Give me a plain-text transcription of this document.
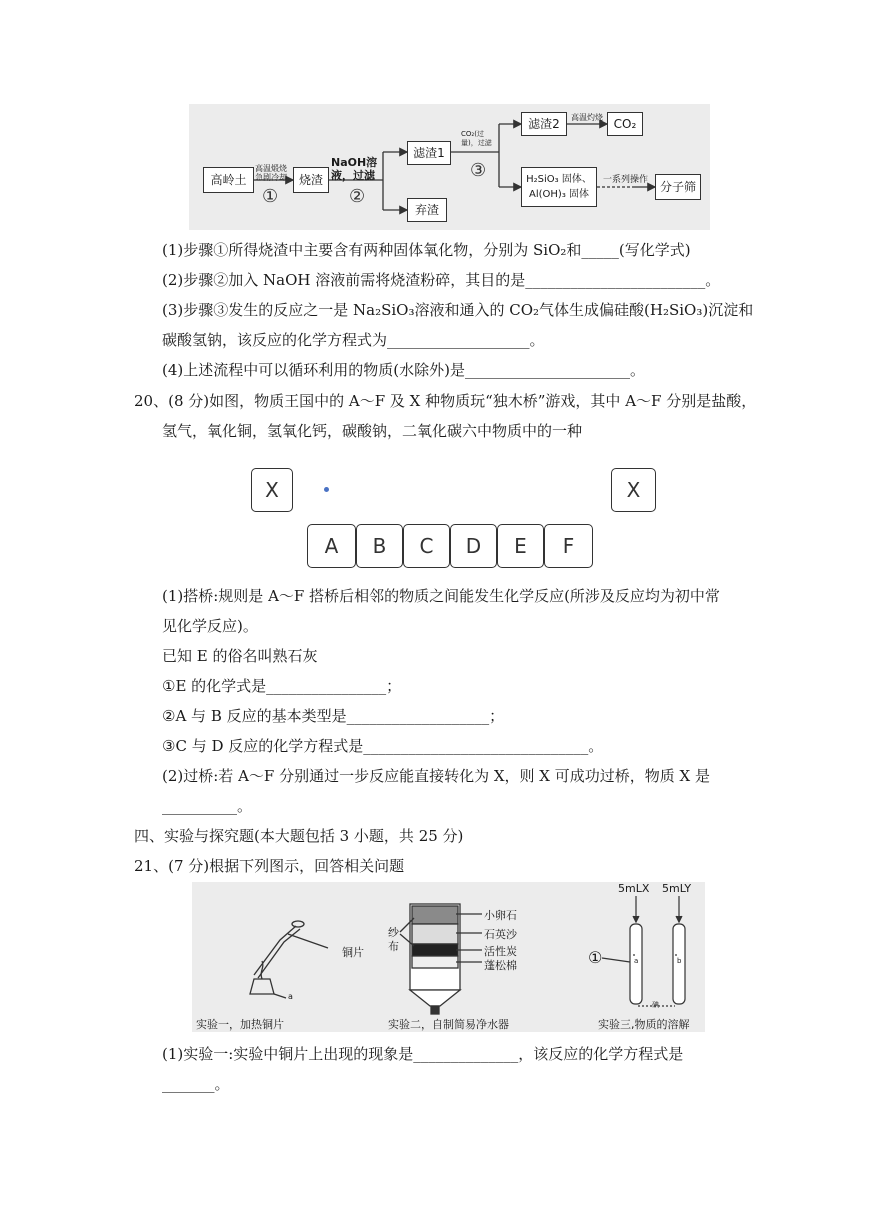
高岭土
高温煅烧 急剧冷却
①
烧渣
NaOH溶液，过滤
②
滤渣1
弃渣
CO₂(过量)，过滤
③
滤渣2	高温灼烧 CO₂
H₂SiO₃ 固体、
Al(OH)₃ 固体
一系列操作 分子筛
(1)步骤①所得烧渣中主要含有两种固体氧化物，分别为 SiO₂和_____(写化学式)
(2)步骤②加入 NaOH 溶液前需将烧渣粉碎，其目的是________________________。
(3)步骤③发生的反应之一是 Na₂SiO₃溶液和通入的 CO₂气体生成偏硅酸(H₂SiO₃)沉淀和
碳酸氢钠，该反应的化学方程式为___________________。
(4)上述流程中可以循环利用的物质(水除外)是______________________。
20、(8 分)如图，物质王国中的 A～F 及 X 种物质玩“独木桥”游戏，其中 A～F 分别是盐酸，
氢气，氧化铜，氢氧化钙，碳酸钠，二氧化碳六中物质中的一种
X	X
A	B	C	D	E	F
(1)搭桥:规则是 A～F 搭桥后相邻的物质之间能发生化学反应(所涉及反应均为初中常
见化学反应)。
已知 E 的俗名叫熟石灰
①E 的化学式是________________；
②A 与 B 反应的基本类型是___________________；
③C 与 D 反应的化学方程式是______________________________。
(2)过桥:若 A～F 分别通过一步反应能直接转化为 X，则 X 可成功过桥，物质 X 是
__________。
四、实验与探究题(本大题包括 3 小题，共 25 分)
21、(7 分)根据下列图示，回答相关问题
铜片
a
纱
布
小卵石
石英沙
活性炭
蓬松棉
5mLX 5mLY
①	a	b
碘
实验一，加热铜片	实验二，自制简易净水器	实验三,物质的溶解
(1)实验一:实验中铜片上出现的现象是______________，该反应的化学方程式是
_______。
